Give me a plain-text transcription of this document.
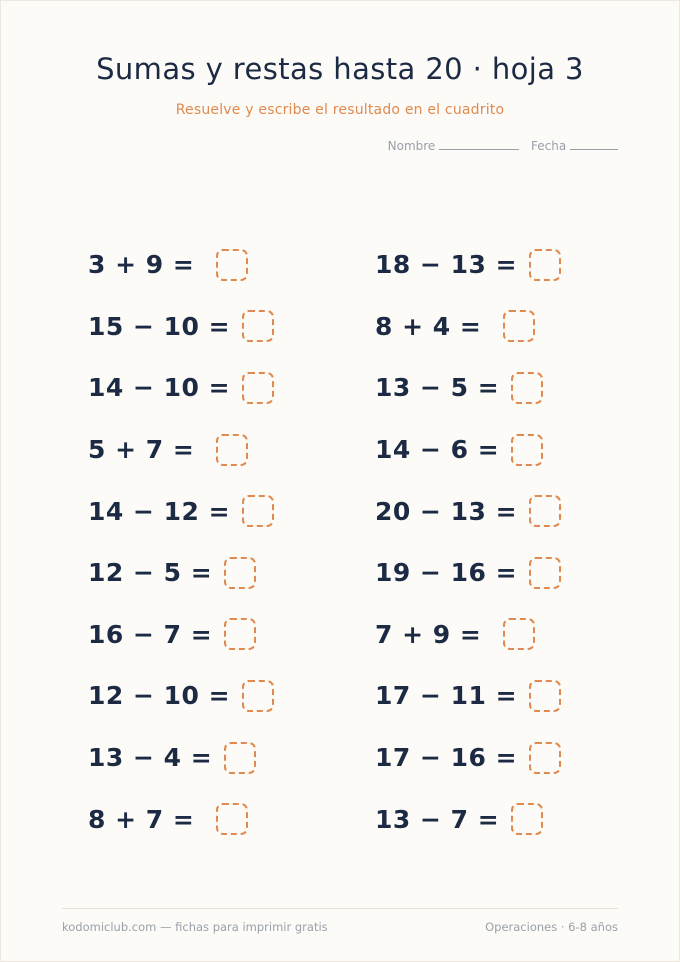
Sumas y restas hasta 20 · hoja 3
Resuelve y escribe el resultado en el cuadrito
Nombre	Fecha
3 + 9 =
15 − 10 =
14 − 10 =
5 + 7 =
14 − 12 =
12 − 5 =
16 − 7 =
12 − 10 =
13 − 4 =
8 + 7 =
18 − 13 =
8 + 4 =
13 − 5 =
14 − 6 =
20 − 13 =
19 − 16 =
7 + 9 =
17 − 11 =
17 − 16 =
13 − 7 =
kodomiclub.com — fichas para imprimir gratis	Operaciones · 6-8 años
